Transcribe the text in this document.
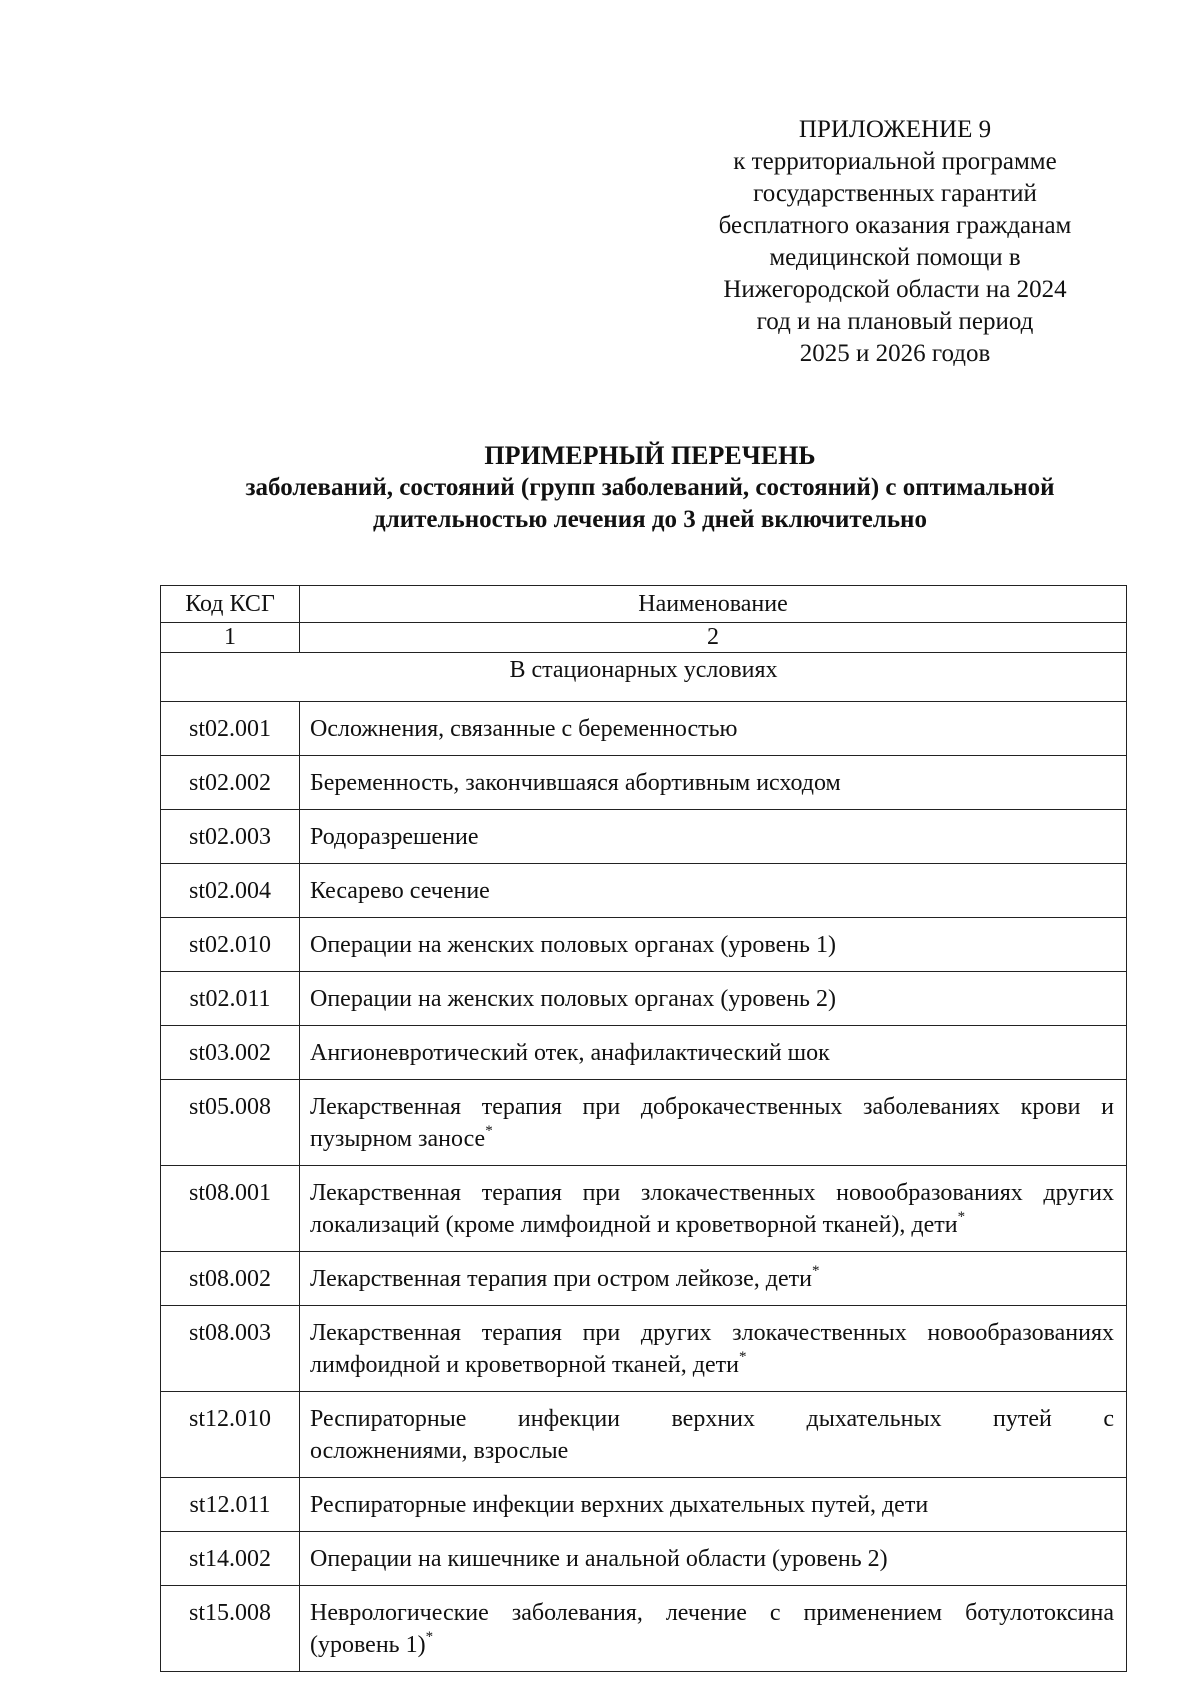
ПРИЛОЖЕНИЕ 9
к территориальной программе
государственных гарантий
бесплатного оказания гражданам
медицинской помощи в
Нижегородской области на 2024
год и на плановый период
2025 и 2026 годов
ПРИМЕРНЫЙ ПЕРЕЧЕНЬ
заболеваний, состояний (групп заболеваний, состояний) с оптимальной
длительностью лечения до 3 дней включительно
Код КСГ	Наименование
1	2
В стационарных условиях	
st02.001	Осложнения, связанные с беременностью
st02.002	Беременность, закончившаяся абортивным исходом
st02.003	Родоразрешение
st02.004	Кесарево сечение
st02.010	Операции на женских половых органах (уровень 1)
st02.011	Операции на женских половых органах (уровень 2)
st03.002	Ангионевротический отек, анафилактический шок
st05.008	Лекарственная терапия при доброкачественных заболеваниях крови и пузырном заносе*
st08.001	Лекарственная терапия при злокачественных новообразованиях других локализаций (кроме лимфоидной и кроветворной тканей), дети*
st08.002	Лекарственная терапия при остром лейкозе, дети*
st08.003	Лекарственная терапия при других злокачественных новообразованиях лимфоидной и кроветворной тканей, дети*
st12.010	Респираторные инфекции верхних дыхательных путей с
осложнениями, взрослые

st12.011	Респираторные инфекции верхних дыхательных путей, дети
st14.002	Операции на кишечнике и анальной области (уровень 2)
st15.008	Неврологические заболевания, лечение с применением ботулотоксина (уровень 1)*
